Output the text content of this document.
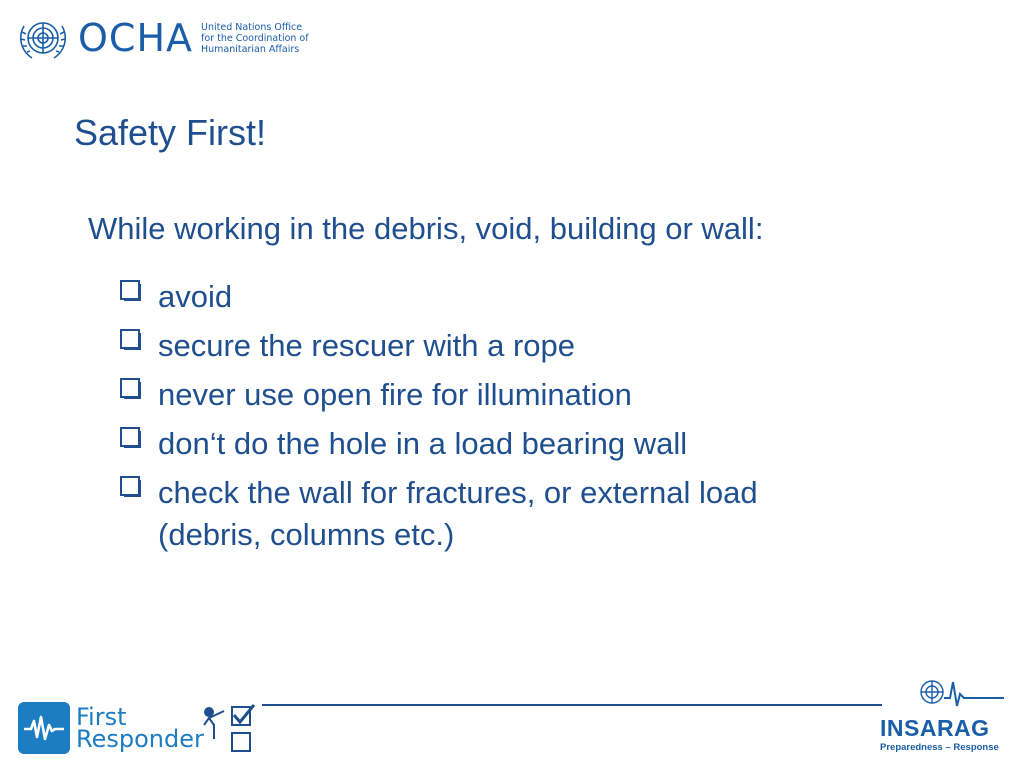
OCHA United Nations Office
for the Coordination of
Humanitarian Affairs
Safety First!
While working in the debris, void, building or wall:
avoid
secure the rescuer with a rope
never use open fire for illumination
don‘t do the hole in a load bearing wall
check the wall for fractures, or external load (debris, columns etc.)
First
Responder	INSARAG
Preparedness – Response
